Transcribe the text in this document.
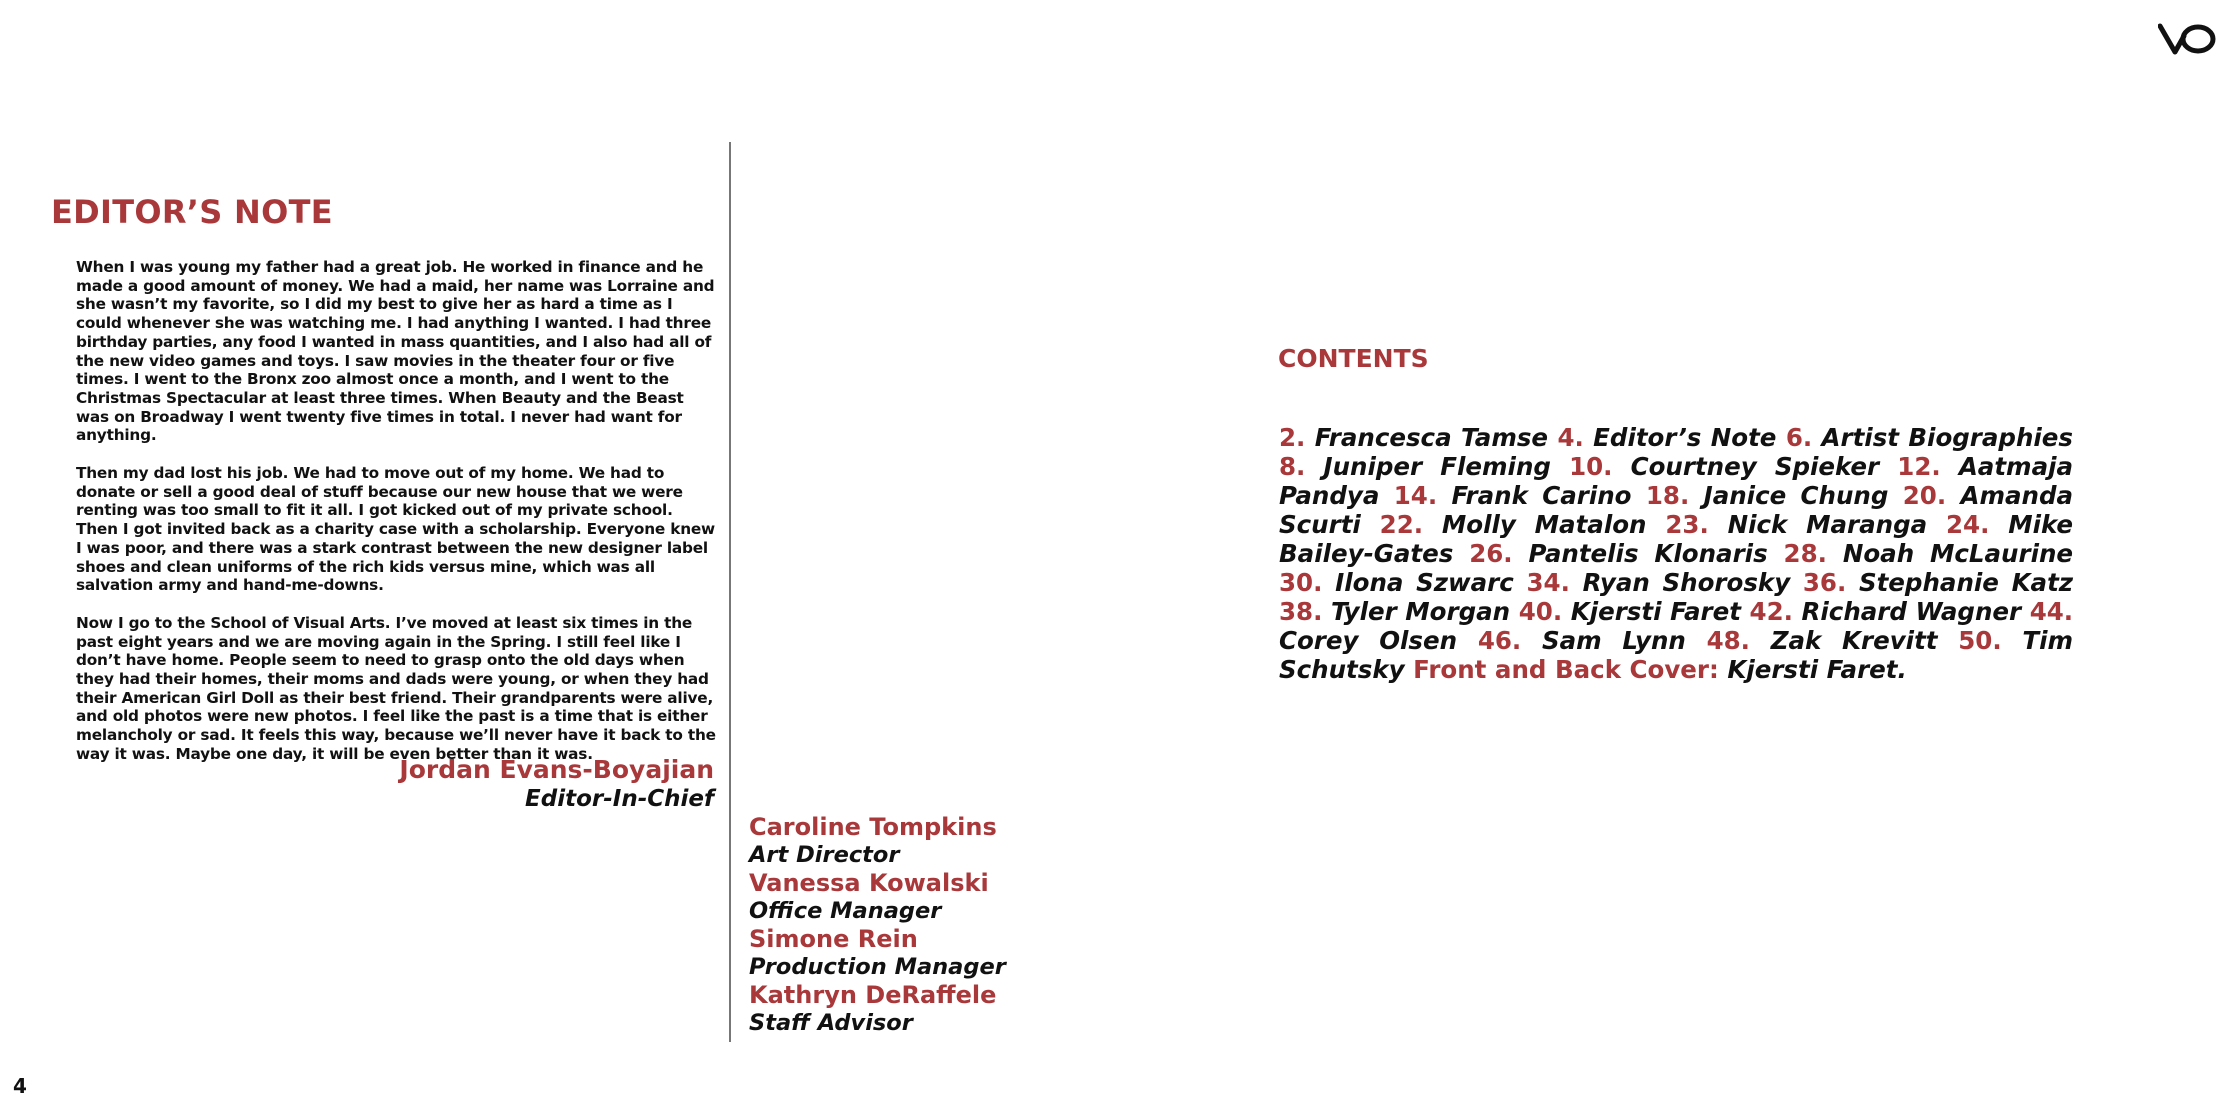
EDITOR’S NOTE

When I was young my father had a great job. He worked in finance and he made a good amount of money. We had a maid, her name was Lorraine and she wasn’t my favorite, so I did my best to give her as hard a time as I could whenever she was watching me. I had anything I wanted. I had three birthday parties, any food I wanted in mass quantities, and I also had all of the new video games and toys. I saw movies in the theater four or five times. I went to the Bronx zoo almost once a month, and I went to the Christmas Spectacular at least three times. When Beauty and the Beast was on Broadway I went twenty five times in total. I never had want for anything.

Then my dad lost his job. We had to move out of my home. We had to donate or sell a good deal of stuff because our new house that we were renting was too small to fit it all. I got kicked out of my private school. Then I got invited back as a charity case with a scholarship. Everyone knew I was poor, and there was a stark contrast between the new designer label shoes and clean uniforms of the rich kids versus mine, which was all salvation army and hand-me-downs.

Now I go to the School of Visual Arts. I’ve moved at least six times in the past eight years and we are moving again in the Spring. I still feel like I don’t have home. People seem to need to grasp onto the old days when they had their homes, their moms and dads were young, or when they had their American Girl Doll as their best friend. Their grandparents were alive, and old photos were new photos. I feel like the past is a time that is either melancholy or sad. It feels this way, because we’ll never have it back to the way it was. Maybe one day, it will be even better than it was.

Jordan Evans-Boyajian
Editor-In-Chief
Caroline Tompkins
Art Director
Vanessa Kowalski
Office Manager
Simone Rein
Production Manager
Kathryn DeRaffele
Staff Advisor
CONTENTS
2. Francesca Tamse 4. Editor’s Note 6. Artist Biographies 8. Juniper Fleming 10. Courtney Spieker 12. Aatmaja Pandya 14. Frank Carino 18. Janice Chung 20. Amanda Scurti 22. Molly Matalon 23. Nick Maranga 24. Mike Bailey-Gates 26. Pantelis Klonaris 28. Noah McLaurine 30. Ilona Szwarc 34. Ryan Shorosky 36. Stephanie Katz 38. Tyler Morgan 40. Kjersti Faret 42. Richard Wagner 44. Corey Olsen 46. Sam Lynn 48. Zak Krevitt 50. Tim Schutsky Front and Back Cover: Kjersti Faret.
4
